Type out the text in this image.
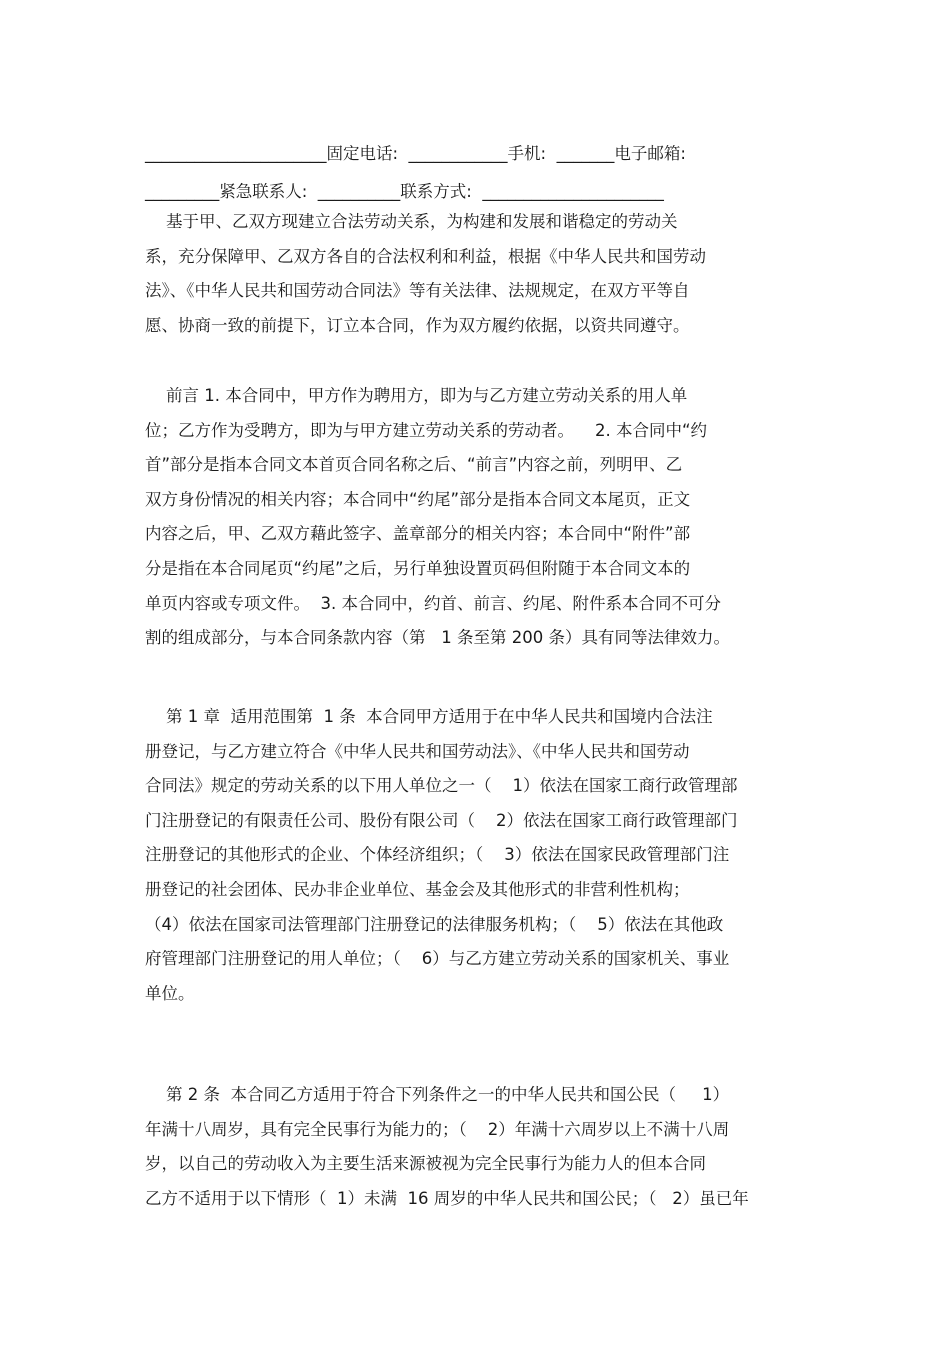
______________________固定电话:  ____________手机:  _______电子邮箱:

_________紧急联系人:  __________联系方式:  ______________________

基于甲、乙双方现建立合法劳动关系，为构建和发展和谐稳定的劳动关
系，充分保障甲、乙双方各自的合法权利和利益，根据《中华人民共和国劳动
法》、《中华人民共和国劳动合同法》等有关法律、法规规定，在双方平等自
愿、协商一致的前提下，订立本合同，作为双方履约依据，以资共同遵守。
前言 1. 本合同中，甲方作为聘用方，即为与乙方建立劳动关系的用人单
位；乙方作为受聘方，即为与甲方建立劳动关系的劳动者。    2. 本合同中“约
首”部分是指本合同文本首页合同名称之后、“前言”内容之前，列明甲、乙
双方身份情况的相关内容；本合同中“约尾”部分是指本合同文本尾页，正文
内容之后，甲、乙双方藉此签字、盖章部分的相关内容；本合同中“附件”部
分是指在本合同尾页“约尾”之后，另行单独设置页码但附随于本合同文本的
单页内容或专项文件。  3. 本合同中，约首、前言、约尾、附件系本合同不可分
割的组成部分，与本合同条款内容（第   1 条至第 200 条）具有同等法律效力。
第 1 章  适用范围第  1 条  本合同甲方适用于在中华人民共和国境内合法注
册登记，与乙方建立符合《中华人民共和国劳动法》、《中华人民共和国劳动
合同法》规定的劳动关系的以下用人单位之一（    1）依法在国家工商行政管理部
门注册登记的有限责任公司、股份有限公司（    2）依法在国家工商行政管理部门
注册登记的其他形式的企业、个体经济组织；（    3）依法在国家民政管理部门注
册登记的社会团体、民办非企业单位、基金会及其他形式的非营利性机构；
（4）依法在国家司法管理部门注册登记的法律服务机构；（    5）依法在其他政
府管理部门注册登记的用人单位；（    6）与乙方建立劳动关系的国家机关、事业
单位。
第 2 条  本合同乙方适用于符合下列条件之一的中华人民共和国公民（     1）
年满十八周岁，具有完全民事行为能力的；（    2）年满十六周岁以上不满十八周
岁，以自己的劳动收入为主要生活来源被视为完全民事行为能力人的但本合同
乙方不适用于以下情形（  1）未满  16 周岁的中华人民共和国公民；（   2）虽已年
